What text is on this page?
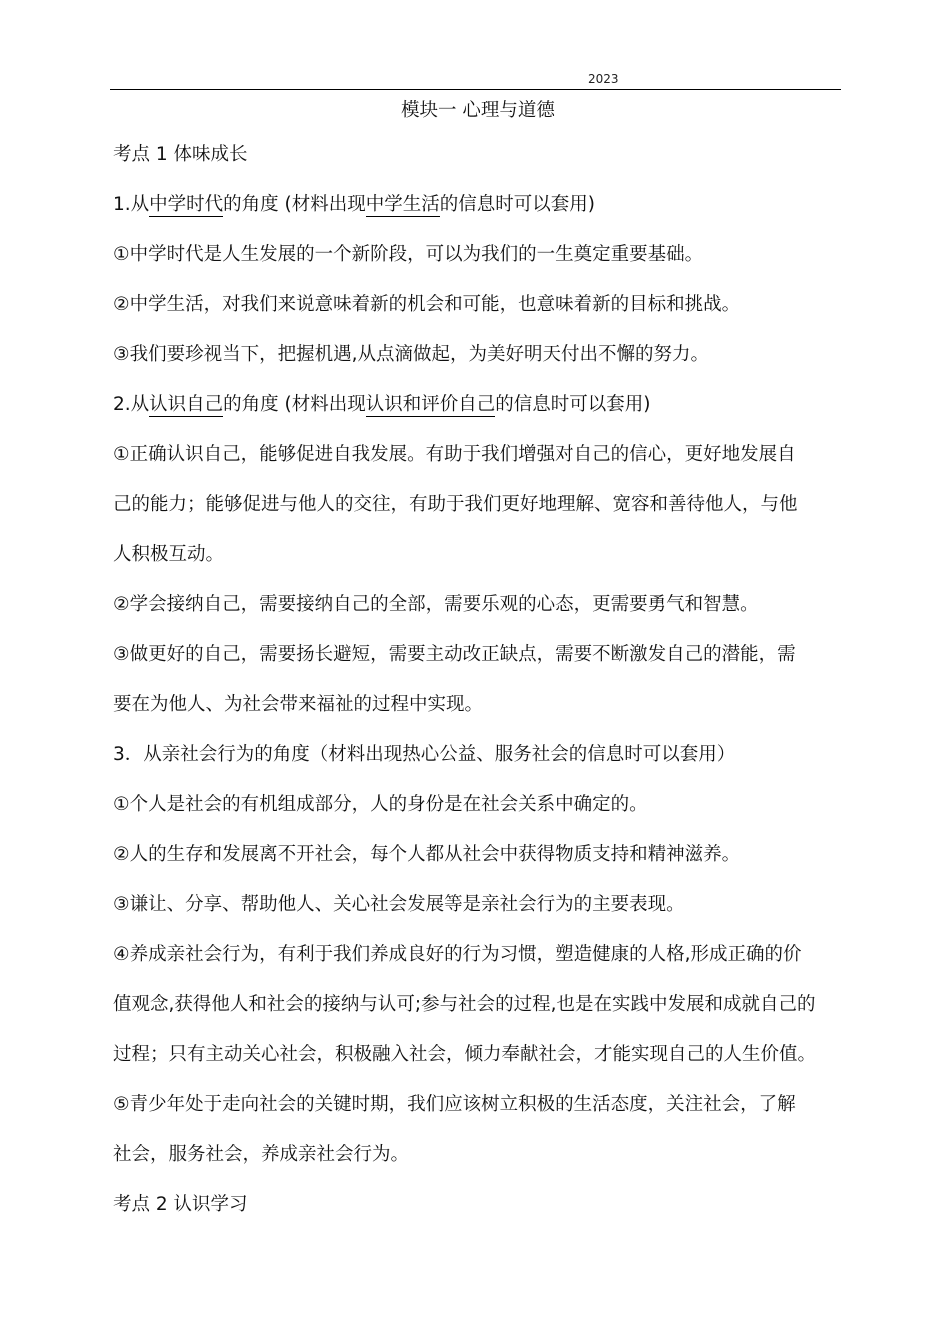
2023
模块一 心理与道德
考点 1 体味成长
1.从中学时代的角度 (材料出现中学生活的信息时可以套用)
①中学时代是人生发展的一个新阶段，可以为我们的一生奠定重要基础。
②中学生活，对我们来说意味着新的机会和可能，也意味着新的目标和挑战。
③我们要珍视当下，把握机遇,从点滴做起，为美好明天付出不懈的努力。
2.从认识自己的角度 (材料出现认识和评价自己的信息时可以套用)
①正确认识自己，能够促进自我发展。有助于我们增强对自己的信心，更好地发展自
己的能力；能够促进与他人的交往，有助于我们更好地理解、宽容和善待他人，与他
人积极互动。
②学会接纳自己，需要接纳自己的全部，需要乐观的心态，更需要勇气和智慧。
③做更好的自己，需要扬长避短，需要主动改正缺点，需要不断激发自己的潜能，需
要在为他人、为社会带来福祉的过程中实现。
3．从亲社会行为的角度（材料出现热心公益、服务社会的信息时可以套用）
①个人是社会的有机组成部分，人的身份是在社会关系中确定的。
②人的生存和发展离不开社会，每个人都从社会中获得物质支持和精神滋养。
③谦让、分享、帮助他人、关心社会发展等是亲社会行为的主要表现。
④养成亲社会行为，有利于我们养成良好的行为习惯，塑造健康的人格,形成正确的价
值观念,获得他人和社会的接纳与认可;参与社会的过程,也是在实践中发展和成就自己的
过程；只有主动关心社会，积极融入社会，倾力奉献社会，才能实现自己的人生价值。
⑤青少年处于走向社会的关键时期，我们应该树立积极的生活态度，关注社会，了解
社会，服务社会，养成亲社会行为。
考点 2 认识学习
